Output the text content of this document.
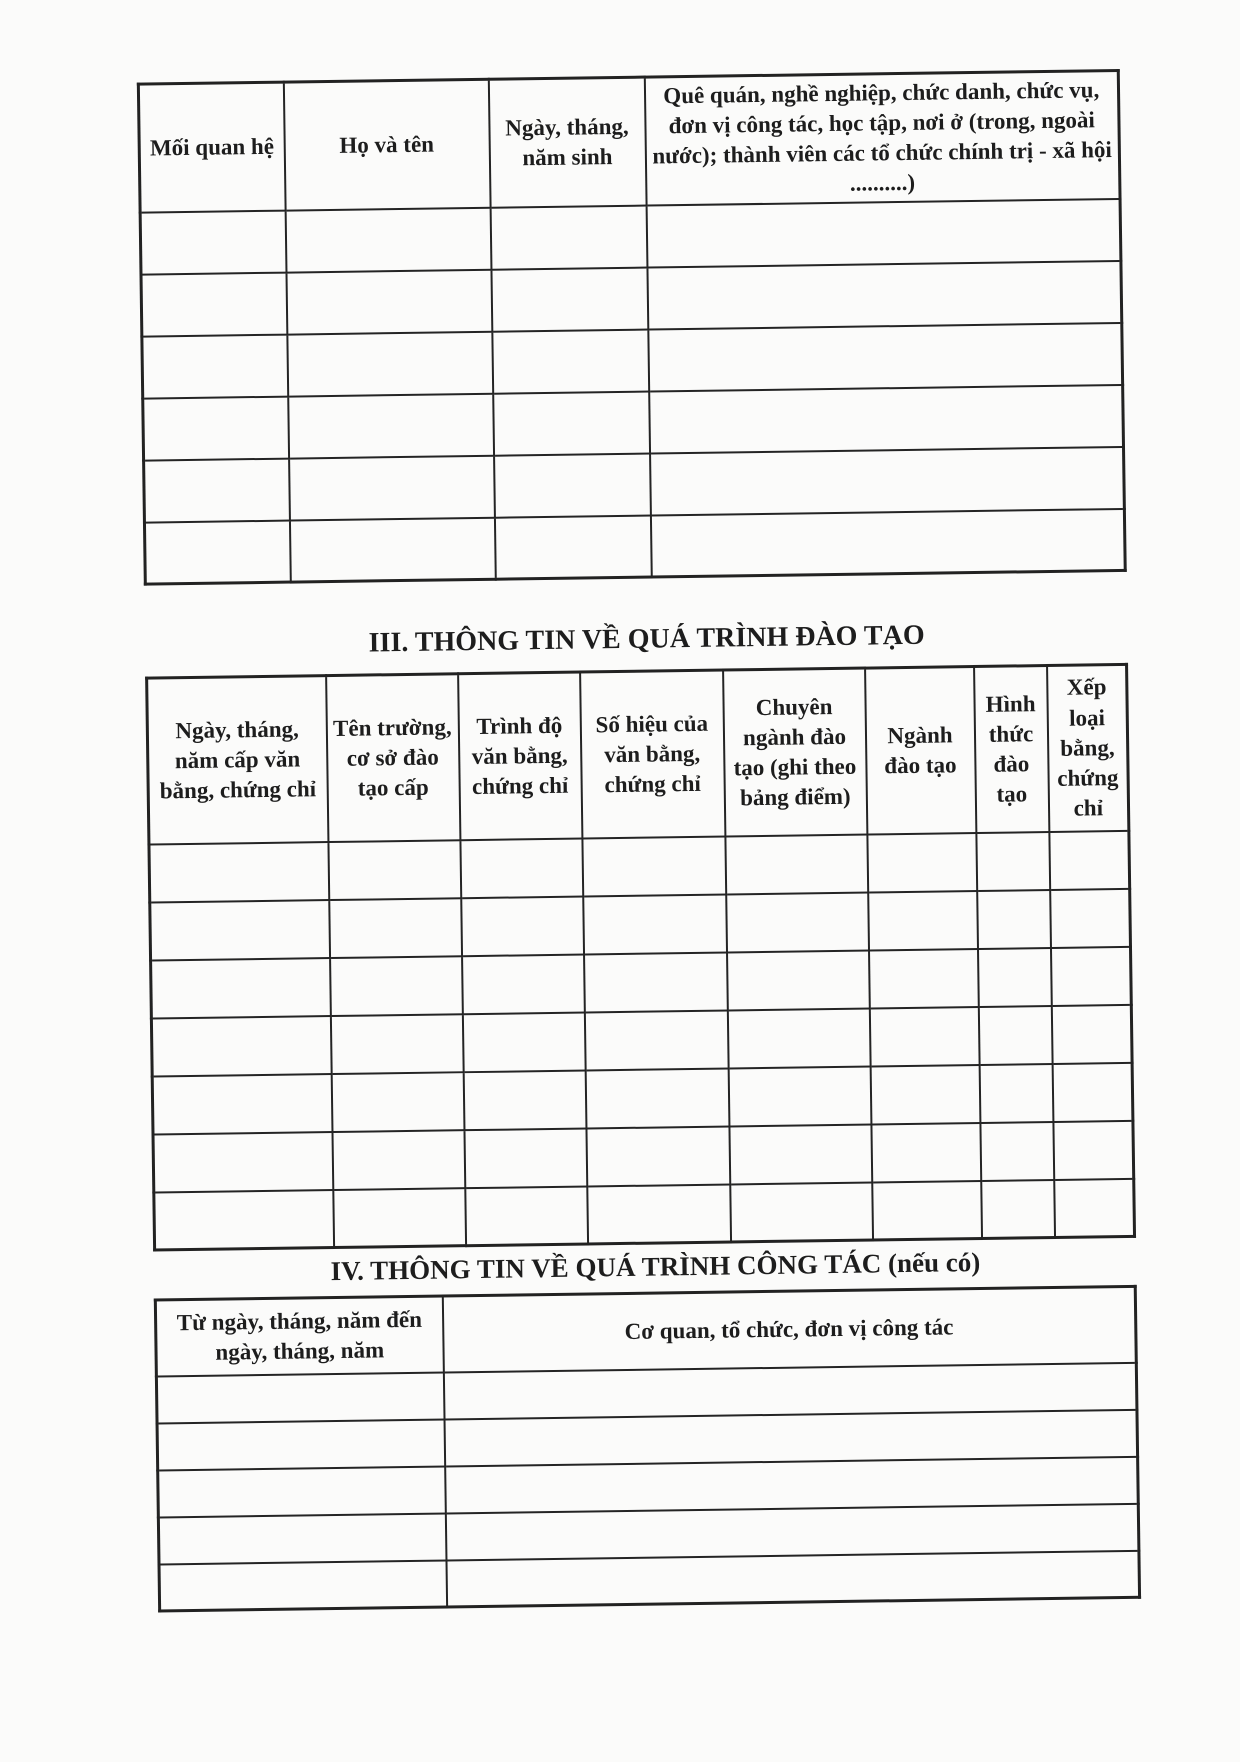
Mối quan hệ	Họ và tên	Ngày, tháng, năm sinh	Quê quán, nghề nghiệp, chức danh, chức vụ, đơn vị công tác, học tập, nơi ở (trong, ngoài nước); thành viên các tổ chức chính trị - xã hội ..........)

III. THÔNG TIN VỀ QUÁ TRÌNH ĐÀO TẠO
Ngày, tháng, năm cấp văn bằng, chứng chỉ	Tên trường, cơ sở đào tạo cấp	Trình độ văn bằng, chứng chỉ	Số hiệu của văn bằng, chứng chỉ	Chuyên ngành đào tạo (ghi theo bảng điểm)	Ngành đào tạo	Hình thức đào tạo	Xếp loại bằng, chứng chỉ

IV. THÔNG TIN VỀ QUÁ TRÌNH CÔNG TÁC (nếu có)
Từ ngày, tháng, năm đến ngày, tháng, năm	Cơ quan, tổ chức, đơn vị công tác
